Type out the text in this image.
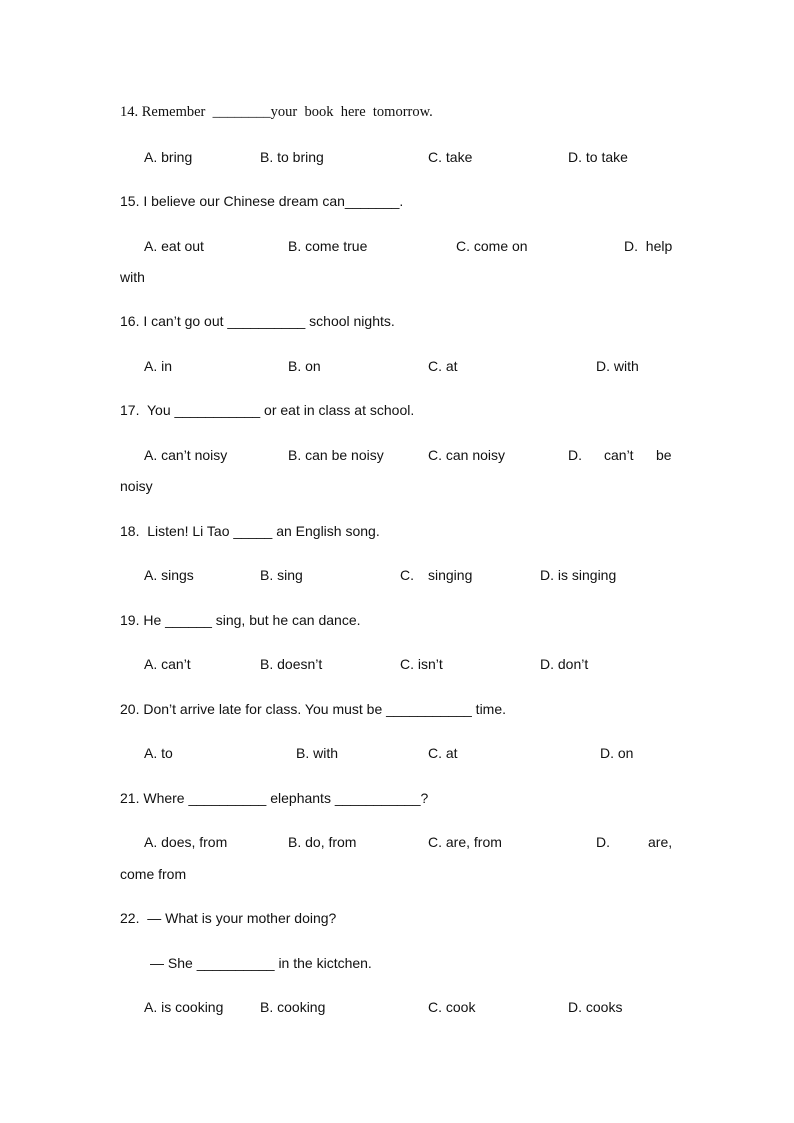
14. Remember  ________your  book  here  tomorrow.
A. bring	B. to bring	C. take	D. to take
15. I believe our Chinese dream can_______.
A. eat out	B. come true	C. come on	D.  help
with
16. I can’t go out __________ school nights.
A. in	B. on	C. at	D. with
17.  You ___________ or eat in class at school.
A. can’t noisy	B. can be noisy	C. can noisy	D. can’t be
noisy
18.  Listen! Li Tao _____ an English song.
A. sings	B. sing	C. singing	D. is singing
19. He ______ sing, but he can dance.
A. can’t	B. doesn’t	C. isn’t	D. don’t
20. Don’t arrive late for class. You must be ___________ time.
A. to	B. with	C. at	D. on
21. Where __________ elephants ___________?
A. does, from	B. do, from	C. are, from	D.	are,
come from
22.  ― What is your mother doing?
― She __________ in the kictchen.
A. is cooking	B. cooking	C. cook	D. cooks
